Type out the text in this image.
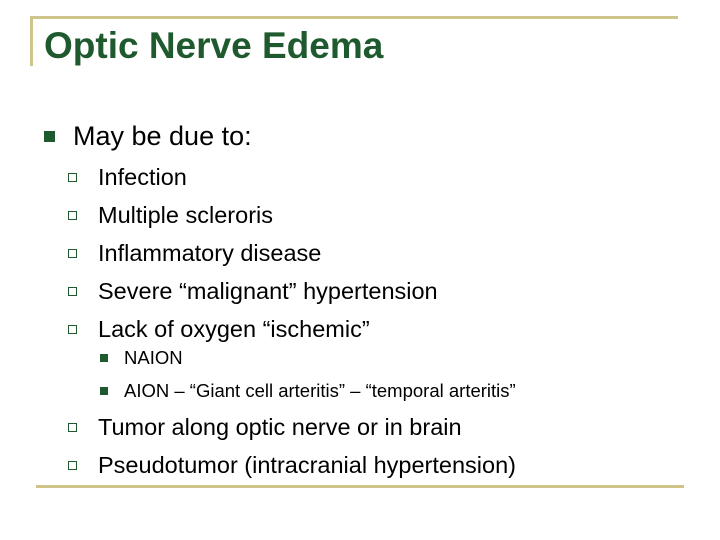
Optic Nerve Edema
May be due to:
Infection
Multiple scleroris
Inflammatory disease
Severe “malignant” hypertension
Lack of oxygen “ischemic”
NAION
AION – “Giant cell arteritis” – “temporal arteritis”
Tumor along optic nerve or in brain
Pseudotumor (intracranial hypertension)
